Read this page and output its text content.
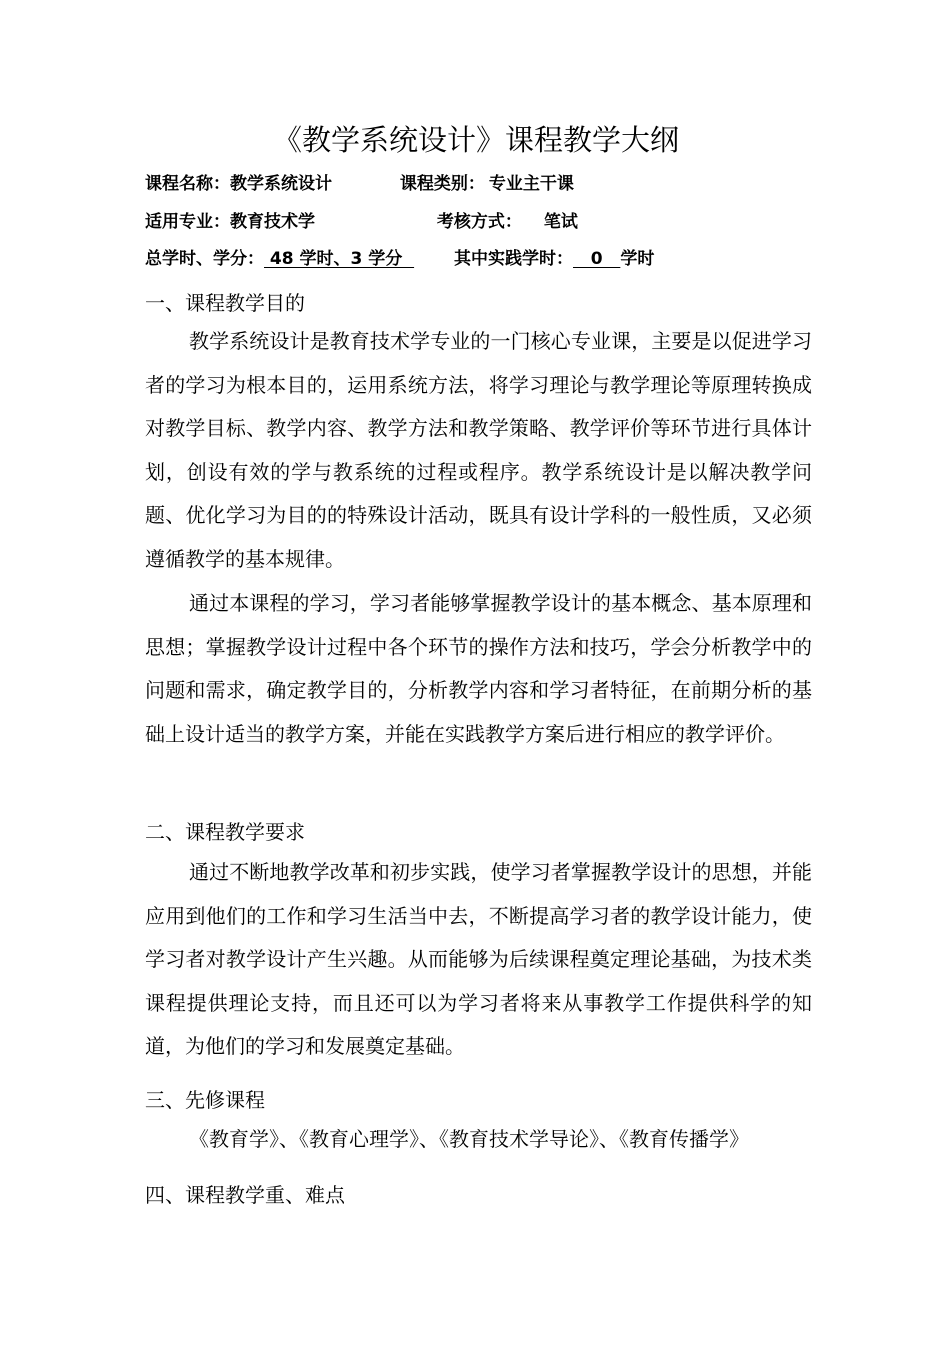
《教学系统设计》课程教学大纲
课程名称：教学系统设计	课程类别： 专业主干课
适用专业：教育技术学	考核方式： 笔试
总学时、学分： 48 学时、3 学分   其中实践学时：   0   学时
一、课程教学目的

教学系统设计是教育技术学专业的一门核心专业课，主要是以促进学习者的学习为根本目的，运用系统方法，将学习理论与教学理论等原理转换成对教学目标、教学内容、教学方法和教学策略、教学评价等环节进行具体计划，创设有效的学与教系统的过程或程序。教学系统设计是以解决教学问题、优化学习为目的的特殊设计活动，既具有设计学科的一般性质，又必须遵循教学的基本规律。

通过本课程的学习，学习者能够掌握教学设计的基本概念、基本原理和思想；掌握教学设计过程中各个环节的操作方法和技巧，学会分析教学中的问题和需求，确定教学目的，分析教学内容和学习者特征，在前期分析的基础上设计适当的教学方案，并能在实践教学方案后进行相应的教学评价。

二、课程教学要求

通过不断地教学改革和初步实践，使学习者掌握教学设计的思想，并能应用到他们的工作和学习生活当中去，不断提高学习者的教学设计能力，使学习者对教学设计产生兴趣。从而能够为后续课程奠定理论基础，为技术类课程提供理论支持，而且还可以为学习者将来从事教学工作提供科学的知道，为他们的学习和发展奠定基础。

三、先修课程

《教育学》、《教育心理学》、《教育技术学导论》、《教育传播学》

四、课程教学重、难点
